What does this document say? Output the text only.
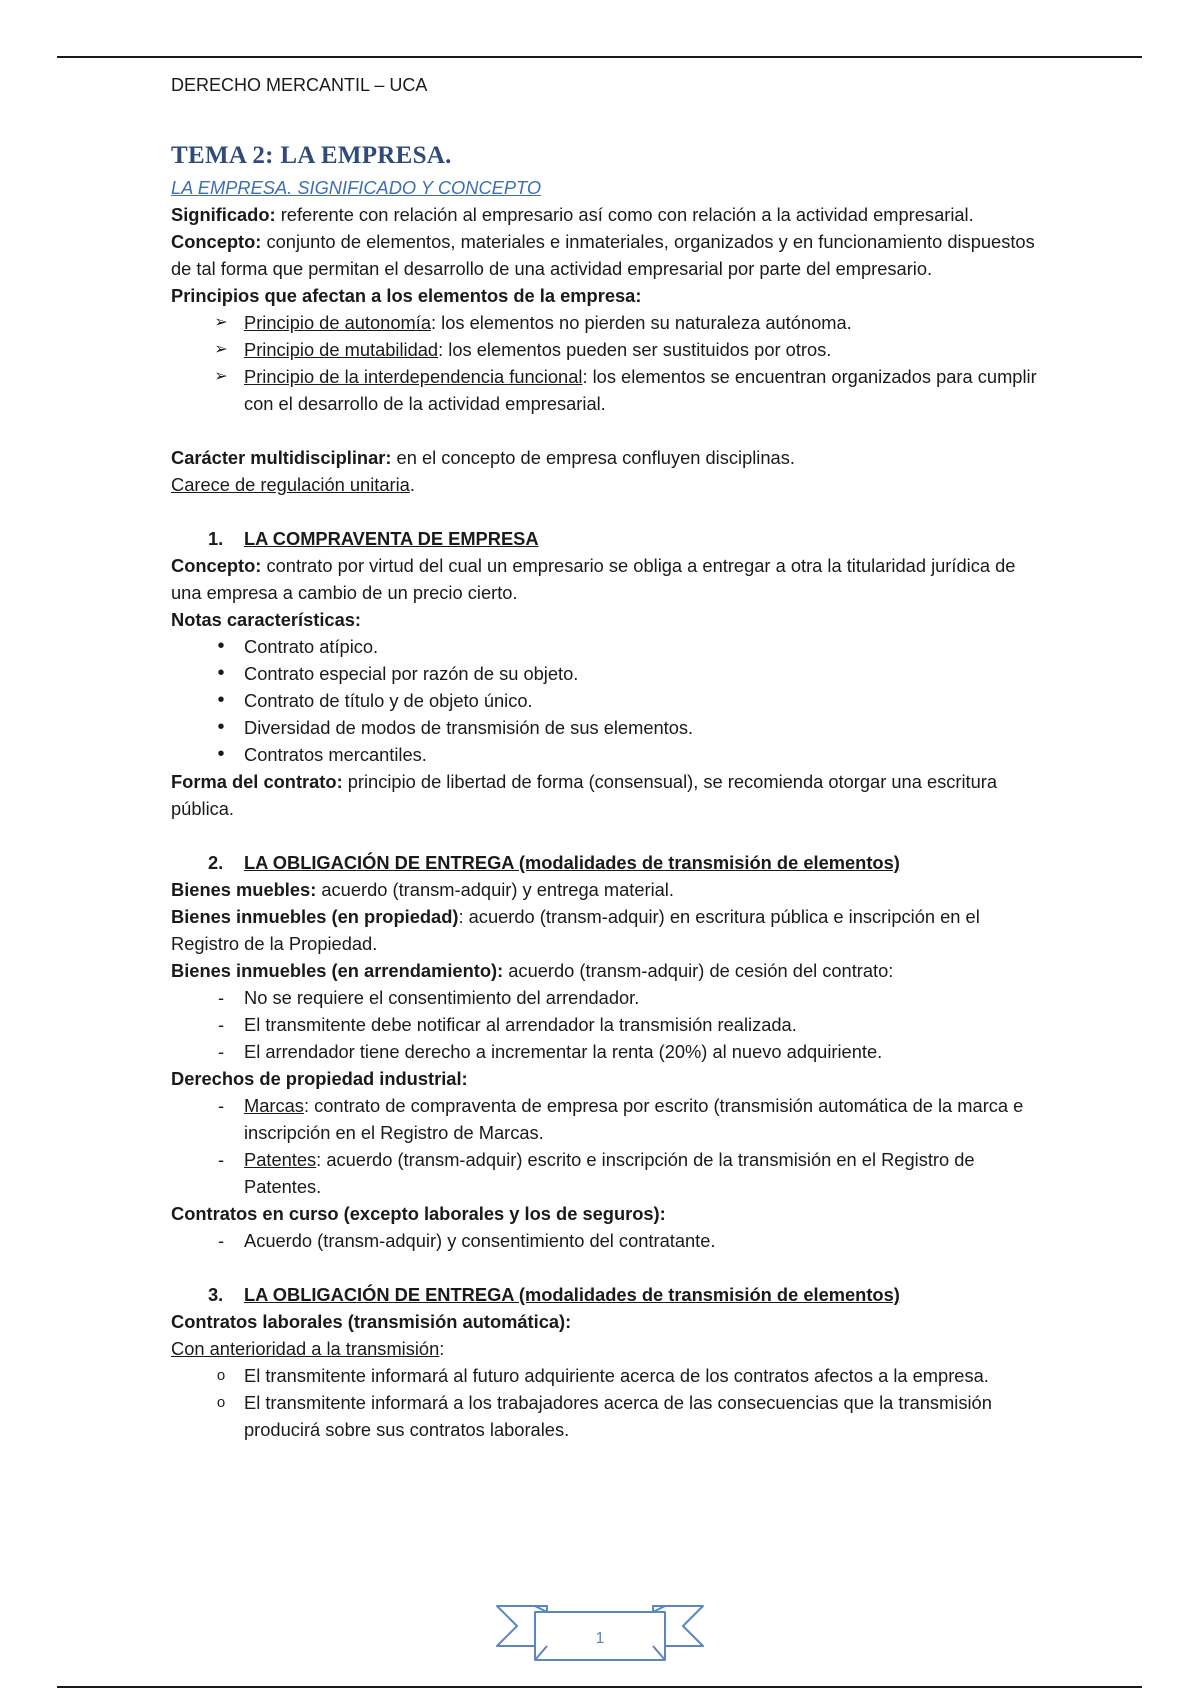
DERECHO MERCANTIL – UCA
TEMA 2: LA EMPRESA.
LA EMPRESA. SIGNIFICADO Y CONCEPTO

Significado: referente con relación al empresario así como con relación a la actividad empresarial.

Concepto: conjunto de elementos, materiales e inmateriales, organizados y en funcionamiento dispuestos de tal forma que permitan el desarrollo de una actividad empresarial por parte del empresario.

Principios que afectan a los elementos de la empresa:

➢ Principio de autonomía: los elementos no pierden su naturaleza autónoma.
➢ Principio de mutabilidad: los elementos pueden ser sustituidos por otros.
➢ Principio de la interdependencia funcional: los elementos se encuentran organizados para cumplir con el desarrollo de la actividad empresarial.

Carácter multidisciplinar: en el concepto de empresa confluyen disciplinas.

Carece de regulación unitaria.

1. LA COMPRAVENTA DE EMPRESA

Concepto: contrato por virtud del cual un empresario se obliga a entregar a otra la titularidad jurídica de una empresa a cambio de un precio cierto.

Notas características:

•	Contrato atípico.
•	Contrato especial por razón de su objeto.
•	Contrato de título y de objeto único.
•	Diversidad de modos de transmisión de sus elementos.
•	Contratos mercantiles.

Forma del contrato: principio de libertad de forma (consensual), se recomienda otorgar una escritura pública.

2. LA OBLIGACIÓN DE ENTREGA (modalidades de transmisión de elementos)

Bienes muebles: acuerdo (transm-adquir) y entrega material.

Bienes inmuebles (en propiedad): acuerdo (transm-adquir) en escritura pública e inscripción en el Registro de la Propiedad.

Bienes inmuebles (en arrendamiento): acuerdo (transm-adquir) de cesión del contrato:

-	No se requiere el consentimiento del arrendador.
-	El transmitente debe notificar al arrendador la transmisión realizada.
-	El arrendador tiene derecho a incrementar la renta (20%) al nuevo adquiriente.

Derechos de propiedad industrial:

-	Marcas: contrato de compraventa de empresa por escrito (transmisión automática de la marca e inscripción en el Registro de Marcas.
-	Patentes: acuerdo (transm-adquir) escrito e inscripción de la transmisión en el Registro de Patentes.

Contratos en curso (excepto laborales y los de seguros):

-	Acuerdo (transm-adquir) y consentimiento del contratante.
3. LA OBLIGACIÓN DE ENTREGA (modalidades de transmisión de elementos)

Contratos laborales (transmisión automática):

Con anterioridad a la transmisión:

o	El transmitente informará al futuro adquiriente acerca de los contratos afectos a la empresa.
o	El transmitente informará a los trabajadores acerca de las consecuencias que la transmisión producirá sobre sus contratos laborales.
1
